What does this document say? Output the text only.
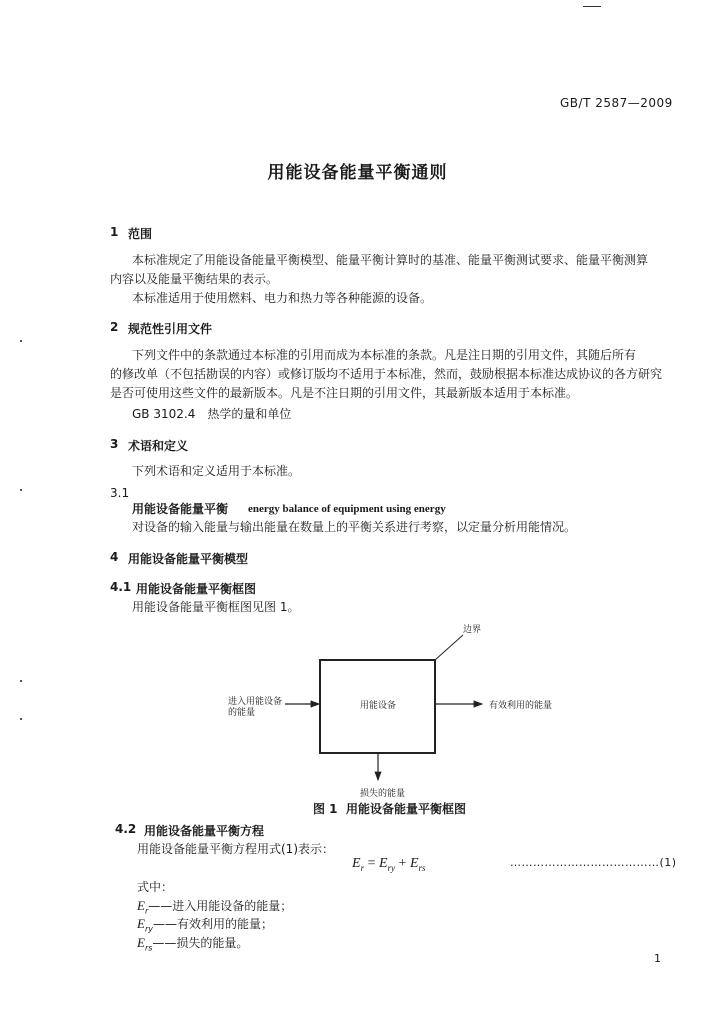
GB/T 2587—2009
用能设备能量平衡通则
1 范围
本标准规定了用能设备能量平衡模型、能量平衡计算时的基准、能量平衡测试要求、能量平衡测算
内容以及能量平衡结果的表示。
本标准适用于使用燃料、电力和热力等各种能源的设备。
2 规范性引用文件
下列文件中的条款通过本标准的引用而成为本标准的条款。凡是注日期的引用文件，其随后所有
的修改单（不包括勘误的内容）或修订版均不适用于本标准，然而，鼓励根据本标准达成协议的各方研究
是否可使用这些文件的最新版本。凡是不注日期的引用文件，其最新版本适用于本标准。
GB 3102.4　热学的量和单位
3 术语和定义
下列术语和定义适用于本标准。
3.1
用能设备能量平衡 energy balance of equipment using energy
对设备的输入能量与输出能量在数量上的平衡关系进行考察，以定量分析用能情况。
4 用能设备能量平衡模型
4.1 用能设备能量平衡框图
用能设备能量平衡框图见图 1。
边界
进入用能设备
的能量
用能设备	有效利用的能量
损失的能量
图 1 用能设备能量平衡框图
4.2 用能设备能量平衡方程
用能设备能量平衡方程用式(1)表示：
$E_r = E_{ry} + E_{rs}$	…………………………………(1)
式中：
$E_r——$进入用能设备的能量；
$E_{ry}——$有效利用的能量；
$E_{rs}——$损失的能量。
1
